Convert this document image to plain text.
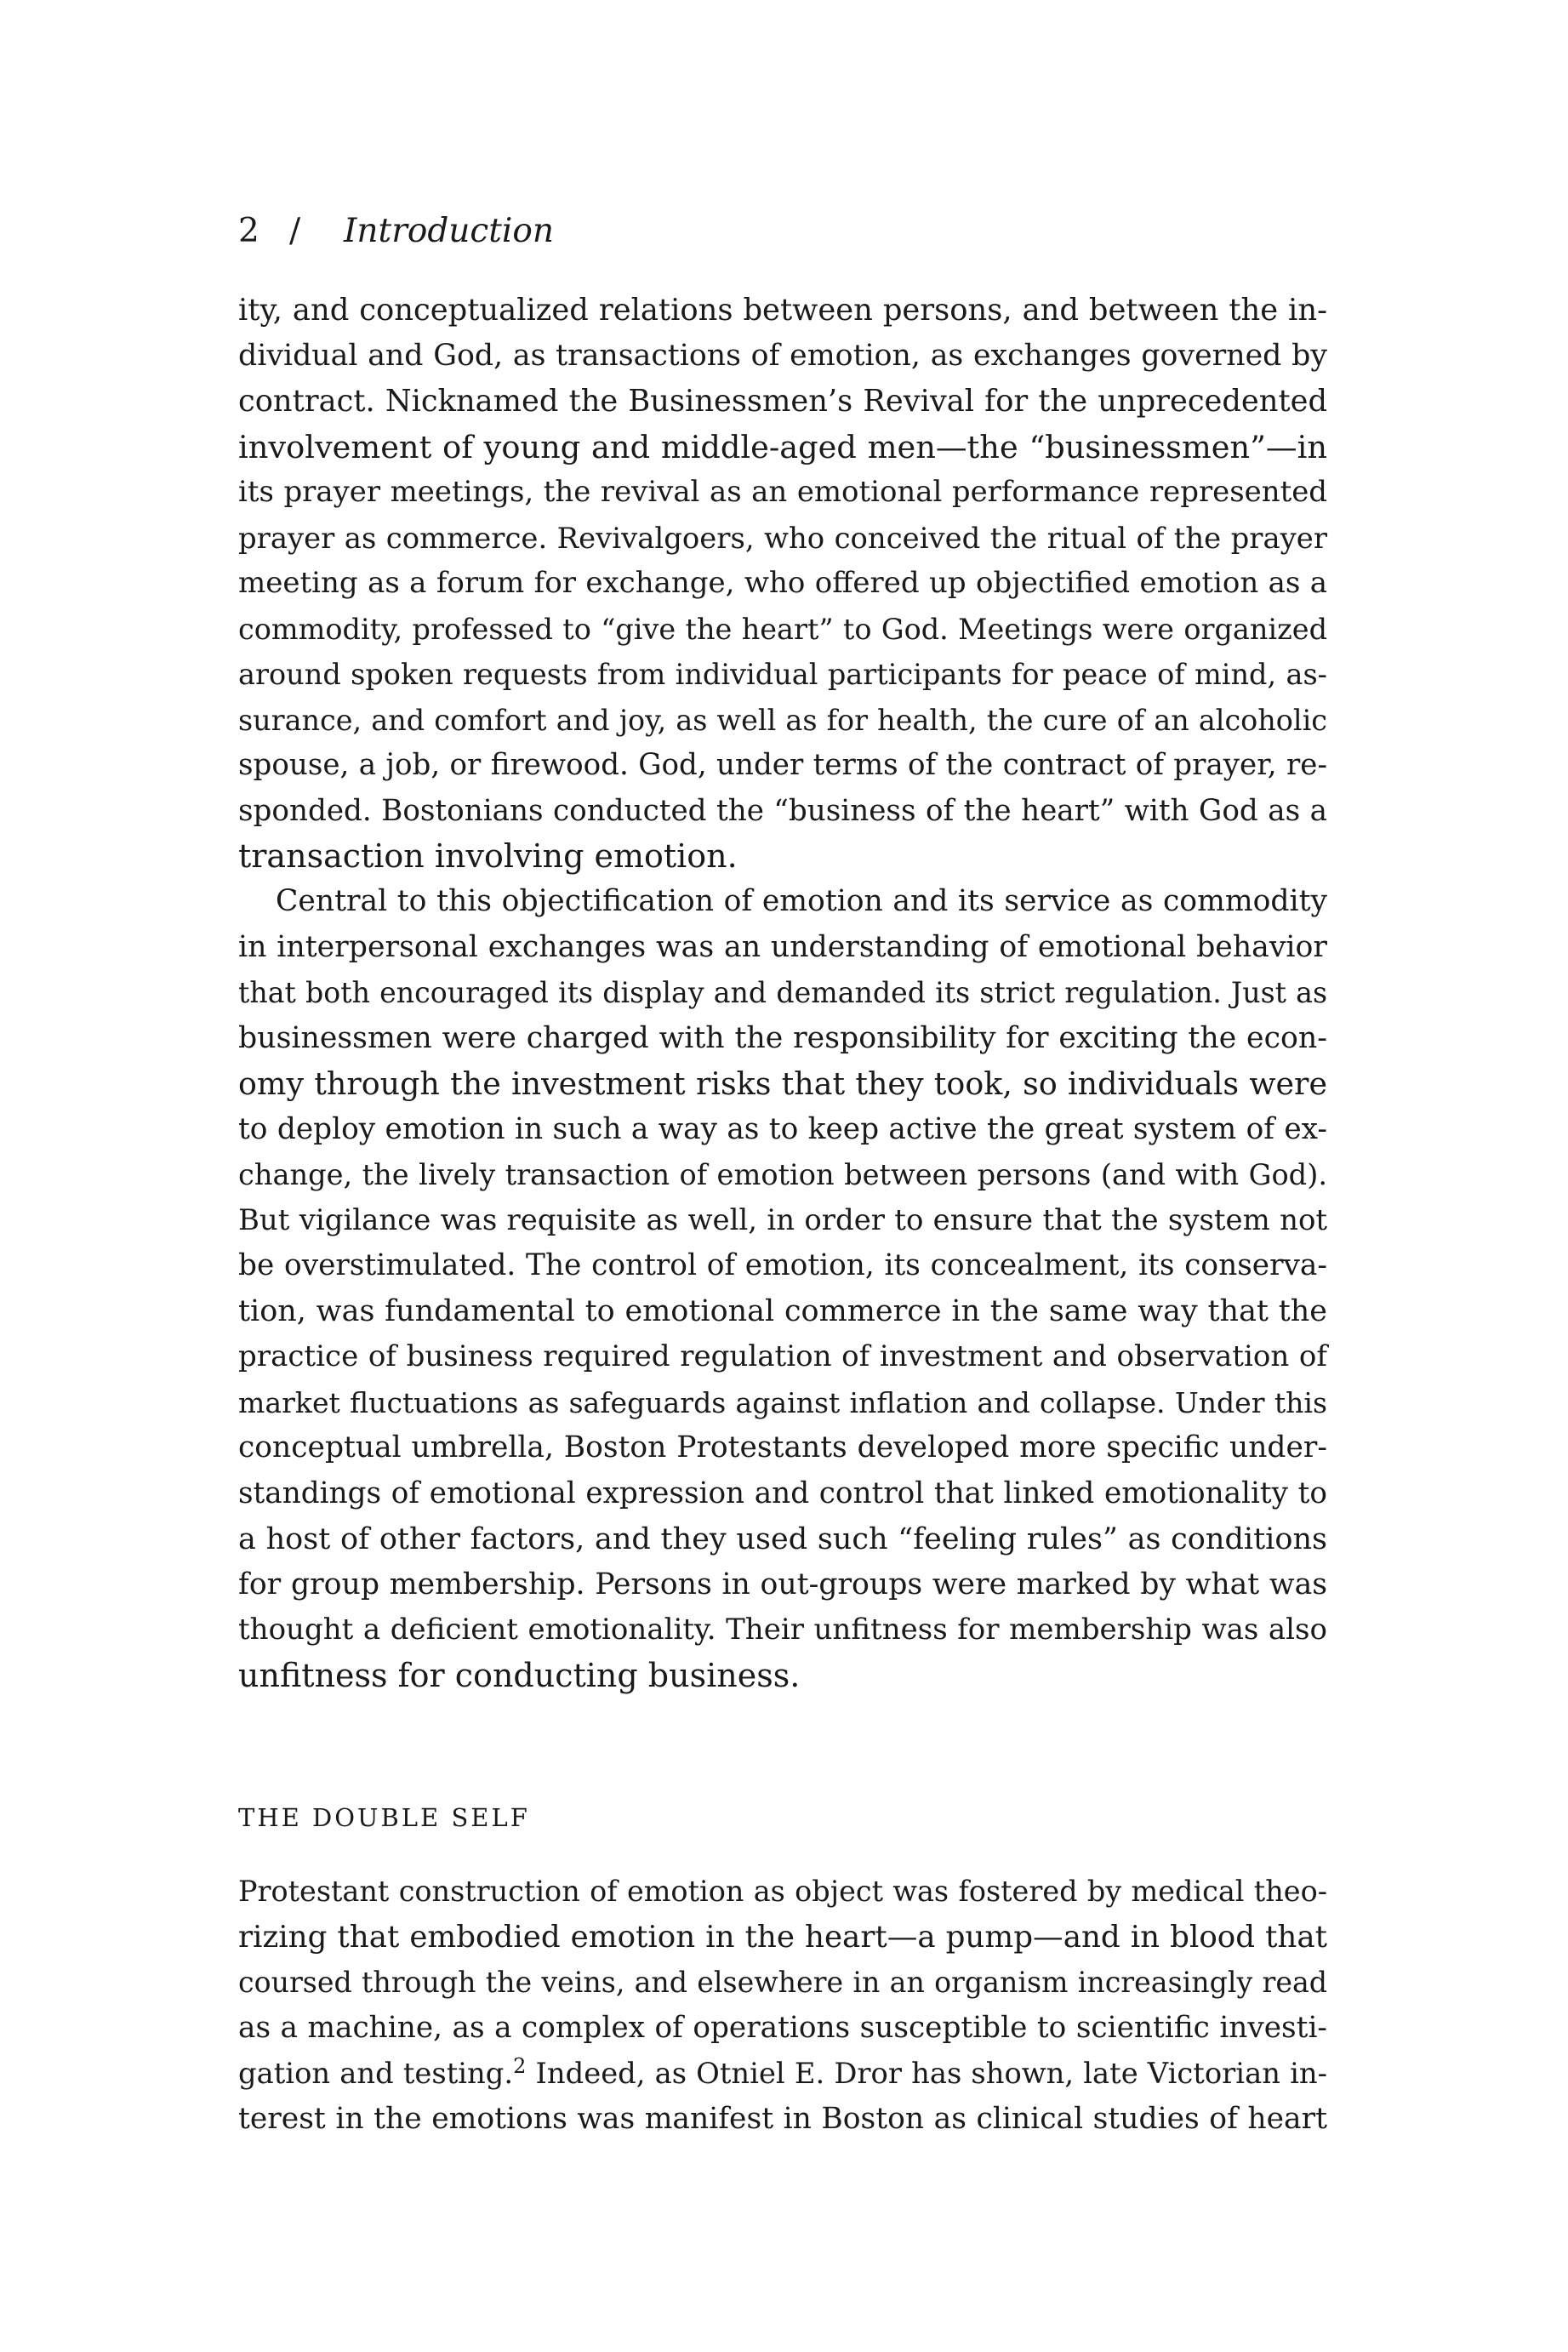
2 / Introduction
ity, and conceptualized relations between persons, and between the in-
dividual and God, as transactions of emotion, as exchanges governed by
contract. Nicknamed the Businessmen’s Revival for the unprecedented
involvement of young and middle-aged men—the “businessmen”—in
its prayer meetings, the revival as an emotional performance represented
prayer as commerce. Revivalgoers, who conceived the ritual of the prayer
meeting as a forum for exchange, who offered up objectified emotion as a
commodity, professed to “give the heart” to God. Meetings were organized
around spoken requests from individual participants for peace of mind, as-
surance, and comfort and joy, as well as for health, the cure of an alcoholic
spouse, a job, or firewood. God, under terms of the contract of prayer, re-
sponded. Bostonians conducted the “business of the heart” with God as a
transaction involving emotion.
Central to this objectification of emotion and its service as commodity
in interpersonal exchanges was an understanding of emotional behavior
that both encouraged its display and demanded its strict regulation. Just as
businessmen were charged with the responsibility for exciting the econ-
omy through the investment risks that they took, so individuals were
to deploy emotion in such a way as to keep active the great system of ex-
change, the lively transaction of emotion between persons (and with God).
But vigilance was requisite as well, in order to ensure that the system not
be overstimulated. The control of emotion, its concealment, its conserva-
tion, was fundamental to emotional commerce in the same way that the
practice of business required regulation of investment and observation of
market fluctuations as safeguards against inflation and collapse. Under this
conceptual umbrella, Boston Protestants developed more specific under-
standings of emotional expression and control that linked emotionality to
a host of other factors, and they used such “feeling rules” as conditions
for group membership. Persons in out-groups were marked by what was
thought a deficient emotionality. Their unfitness for membership was also
unfitness for conducting business.
THE DOUBLE SELF
Protestant construction of emotion as object was fostered by medical theo-
rizing that embodied emotion in the heart—a pump—and in blood that
coursed through the veins, and elsewhere in an organism increasingly read
as a machine, as a complex of operations susceptible to scientific investi-
gation and testing.$^2$ Indeed, as Otniel E. Dror has shown, late Victorian in-
terest in the emotions was manifest in Boston as clinical studies of heart
